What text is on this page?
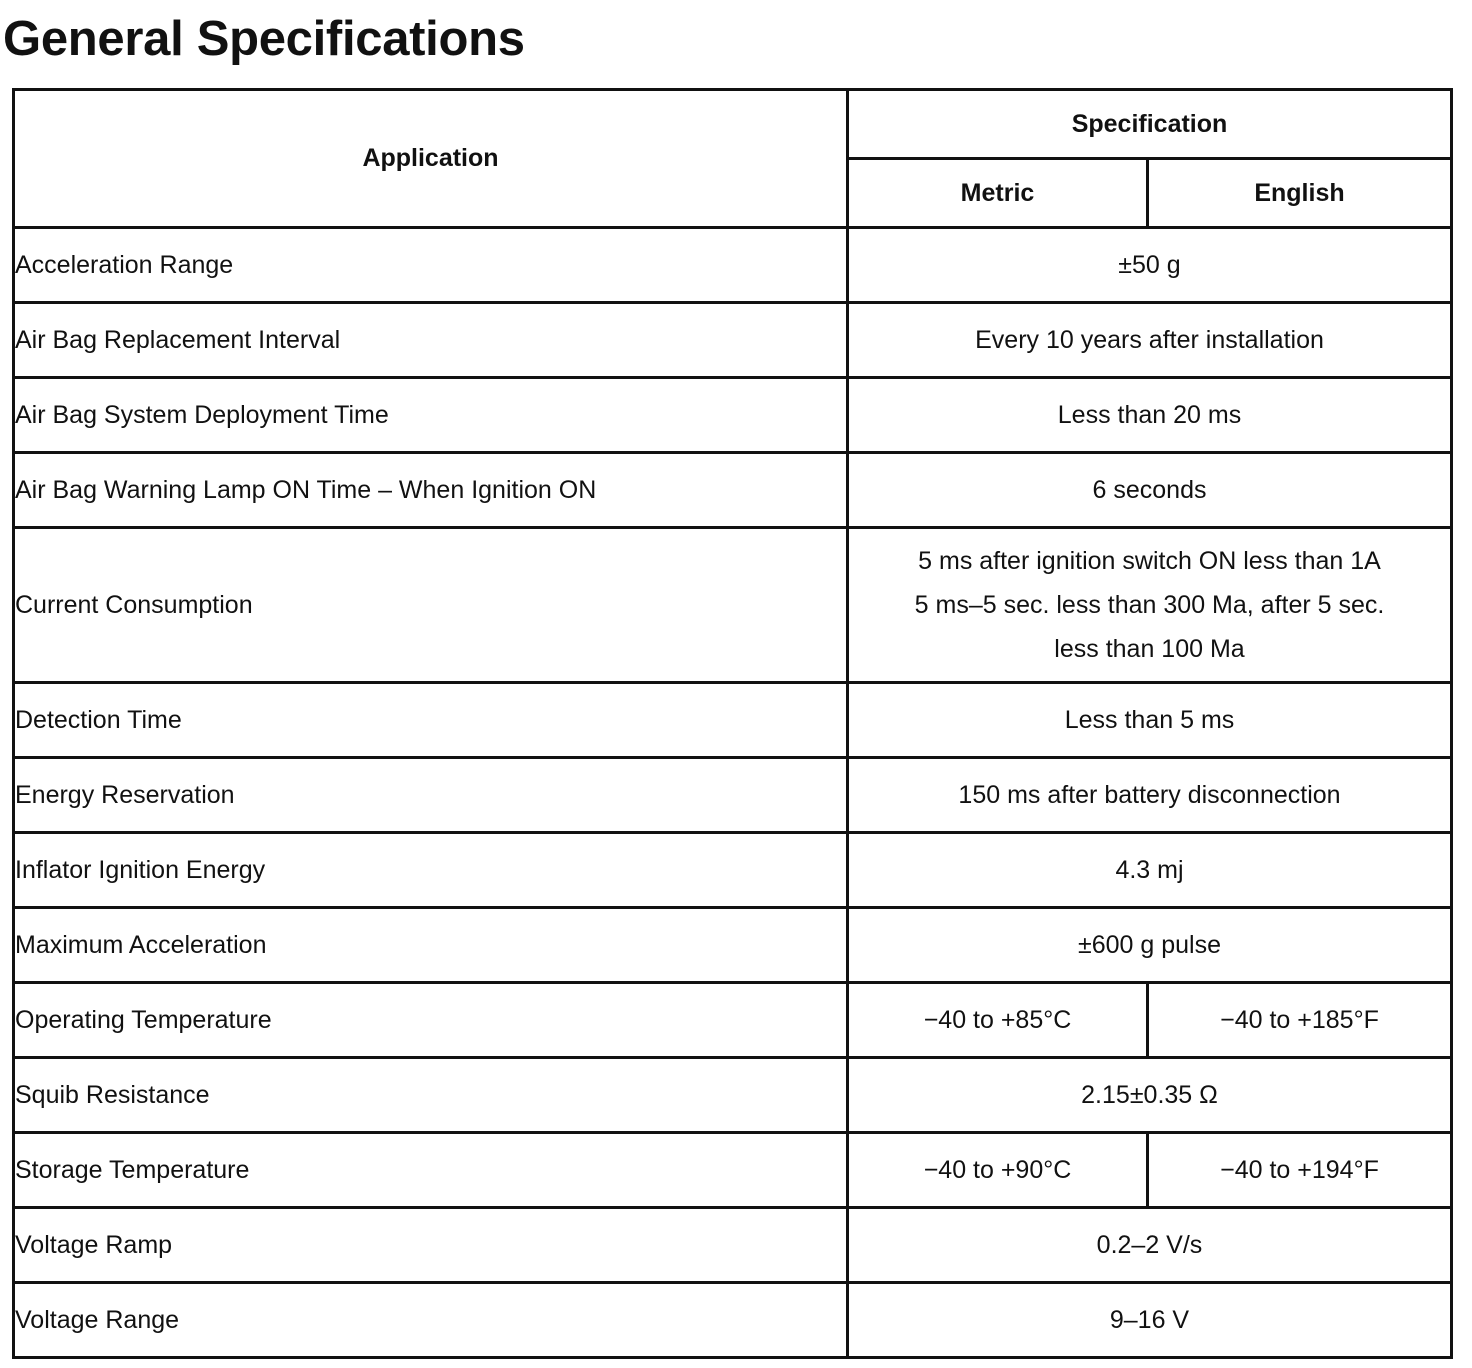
General Specifications
Application	Specification	
	Metric	English
Acceleration Range	±50 g	
Air Bag Replacement Interval	Every 10 years after installation	
Air Bag System Deployment Time	Less than 20 ms	
Air Bag Warning Lamp ON Time – When Ignition ON	6 seconds	
Current Consumption	5 ms after ignition switch ON less than 1A
5 ms–5 sec. less than 300 Ma, after 5 sec.
less than 100 Ma	

Detection Time	Less than 5 ms	
Energy Reservation	150 ms after battery disconnection	
Inflator Ignition Energy	4.3 mj	
Maximum Acceleration	±600 g pulse	
Operating Temperature	−40 to +85°C	−40 to +185°F
Squib Resistance	2.15±0.35 Ω	
Storage Temperature	−40 to +90°C	−40 to +194°F
Voltage Ramp	0.2–2 V/s	
Voltage Range	9–16 V	
